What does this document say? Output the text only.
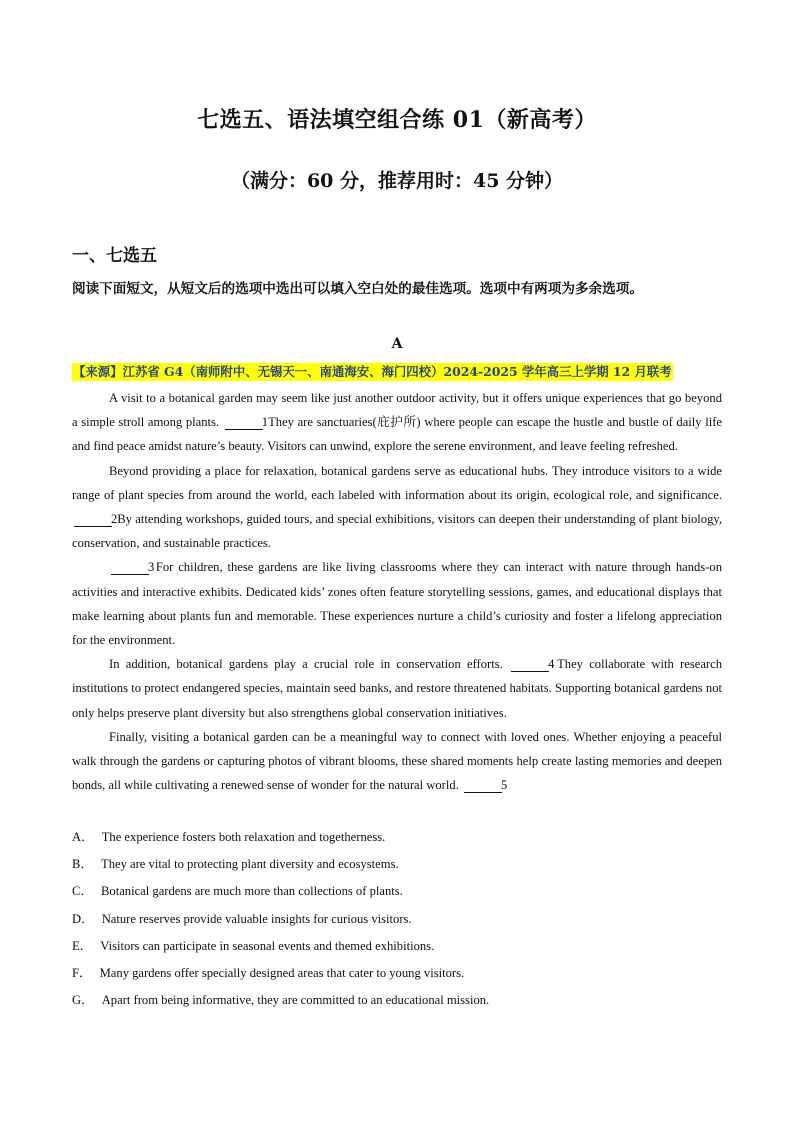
七选五、语法填空组合练 01（新高考）
（满分：60 分，推荐用时：45 分钟）
一、七选五
阅读下面短文，从短文后的选项中选出可以填入空白处的最佳选项。选项中有两项为多余选项。
A
【来源】江苏省 G4（南师附中、无锡天一、南通海安、海门四校）2024-2025 学年高三上学期 12 月联考

A visit to a botanical garden may seem like just another outdoor activity, but it offers unique experiences that go beyond a simple stroll among plants.	1 They are sanctuaries(庇护所) where people can escape the hustle and bustle of daily life and find peace amidst nature’s beauty. Visitors can unwind, explore the serene environment, and leave feeling refreshed.

Beyond providing a place for relaxation, botanical gardens serve as educational hubs. They introduce visitors to a wide range of plant species from around the world, each labeled with information about its origin, ecological role, and significance. 2 By attending workshops, guided tours, and special exhibitions, visitors can deepen their understanding of plant biology, conservation, and sustainable practices.

3 For children, these gardens are like living classrooms where they can interact with nature through hands-on activities and interactive exhibits. Dedicated kids’ zones often feature storytelling sessions, games, and educational displays that make learning about plants fun and memorable. These experiences nurture a child’s curiosity and foster a lifelong appreciation for the environment.

In addition, botanical gardens play a crucial role in conservation efforts.	4 They collaborate with research institutions to protect endangered species, maintain seed banks, and restore threatened habitats. Supporting botanical gardens not only helps preserve plant diversity but also strengthens global conservation initiatives.

Finally, visiting a botanical garden can be a meaningful way to connect with loved ones. Whether enjoying a peaceful walk through the gardens or capturing photos of vibrant blooms, these shared moments help create lasting memories and deepen bonds, all while cultivating a renewed sense of wonder for the natural world.	5

A． The experience fosters both relaxation and togetherness.
B． They are vital to protecting plant diversity and ecosystems.
C． Botanical gardens are much more than collections of plants.
D． Nature reserves provide valuable insights for curious visitors.
E． Visitors can participate in seasonal events and themed exhibitions.
F． Many gardens offer specially designed areas that cater to young visitors.
G． Apart from being informative, they are committed to an educational mission.
